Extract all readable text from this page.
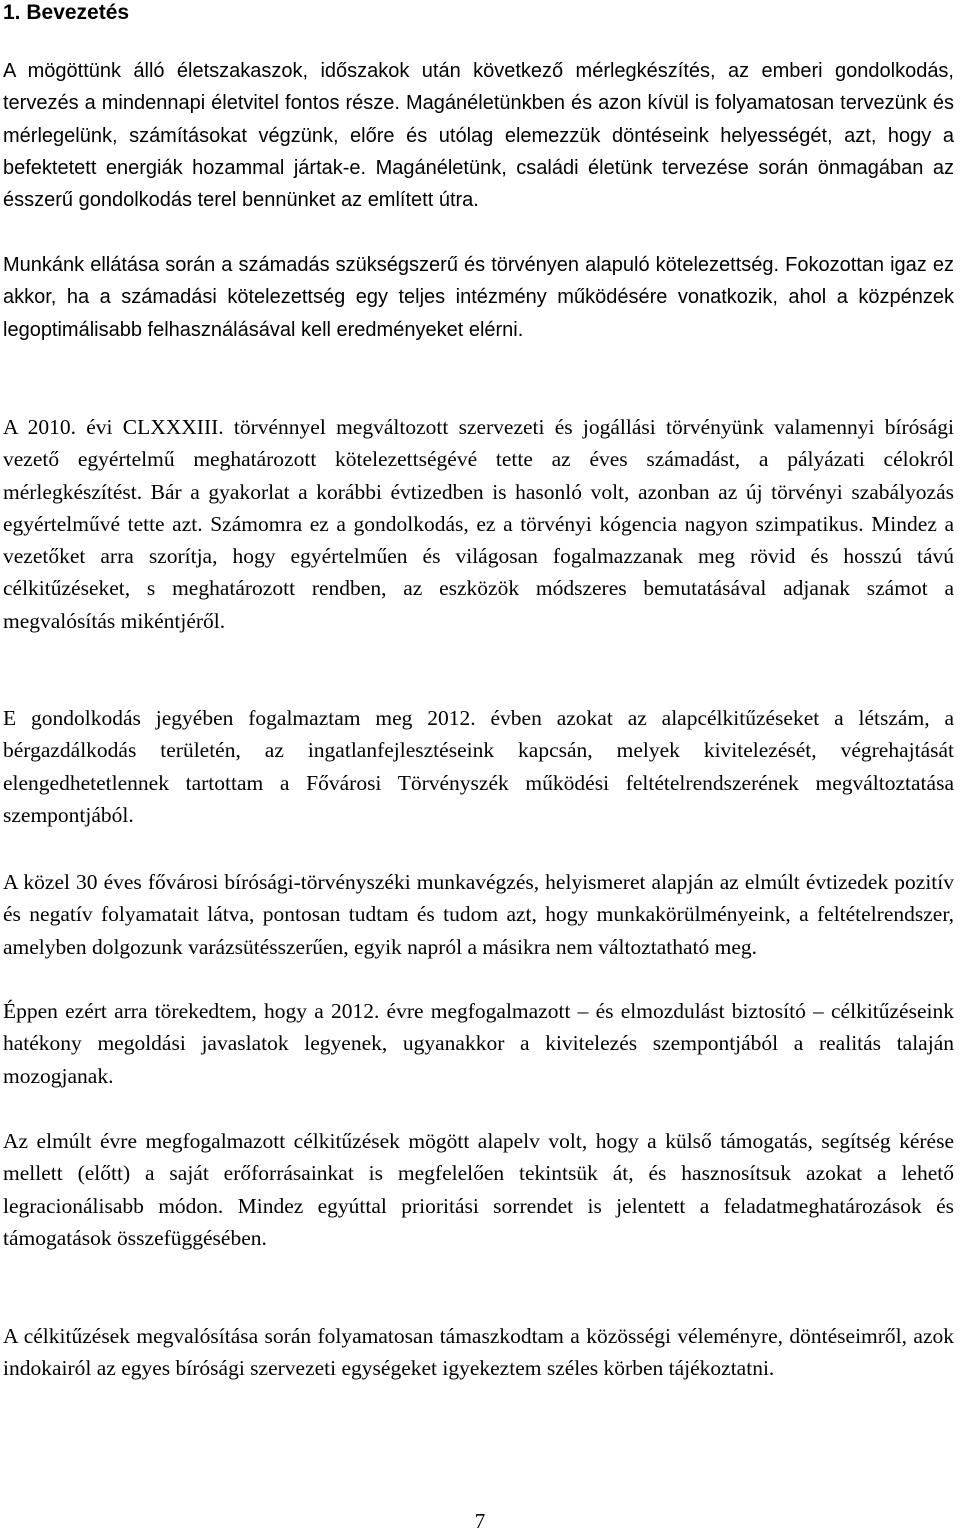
1. Bevezetés

A mögöttünk álló életszakaszok, időszakok után következő mérlegkészítés, az emberi gondolkodás, tervezés a mindennapi életvitel fontos része. Magánéletünkben és azon kívül is folyamatosan tervezünk és mérlegelünk, számításokat végzünk, előre és utólag elemezzük döntéseink helyességét, azt, hogy a befektetett energiák hozammal jártak-e. Magánéletünk, családi életünk tervezése során önmagában az ésszerű gondolkodás terel bennünket az említett útra.

Munkánk ellátása során a számadás szükségszerű és törvényen alapuló kötelezettség. Fokozottan igaz ez akkor, ha a számadási kötelezettség egy teljes intézmény működésére vonatkozik, ahol a közpénzek legoptimálisabb felhasználásával kell eredményeket elérni.

A 2010. évi CLXXXIII. törvénnyel megváltozott szervezeti és jogállási törvényünk valamennyi bírósági vezető egyértelmű meghatározott kötelezettségévé tette az éves számadást, a pályázati célokról mérlegkészítést. Bár a gyakorlat a korábbi évtizedben is hasonló volt, azonban az új törvényi szabályozás egyértelművé tette azt. Számomra ez a gondolkodás, ez a törvényi kógencia nagyon szimpatikus. Mindez a vezetőket arra szorítja, hogy egyértelműen és világosan fogalmazzanak meg rövid és hosszú távú célkitűzéseket, s meghatározott rendben, az eszközök módszeres bemutatásával adjanak számot a megvalósítás mikéntjéről.

E gondolkodás jegyében fogalmaztam meg 2012. évben azokat az alapcélkitűzéseket a létszám, a bérgazdálkodás területén, az ingatlanfejlesztéseink kapcsán, melyek kivitelezését, végrehajtását elengedhetetlennek tartottam a Fővárosi Törvényszék működési feltételrendszerének megváltoztatása szempontjából.

A közel 30 éves fővárosi bírósági-törvényszéki munkavégzés, helyismeret alapján az elmúlt évtizedek pozitív és negatív folyamatait látva, pontosan tudtam és tudom azt, hogy munkakörülményeink, a feltételrendszer, amelyben dolgozunk varázsütésszerűen, egyik napról a másikra nem változtatható meg.

Éppen ezért arra törekedtem, hogy a 2012. évre megfogalmazott – és elmozdulást biztosító – célkitűzéseink hatékony megoldási javaslatok legyenek, ugyanakkor a kivitelezés szempontjából a realitás talaján mozogjanak.

Az elmúlt évre megfogalmazott célkitűzések mögött alapelv volt, hogy a külső támogatás, segítség kérése mellett (előtt) a saját erőforrásainkat is megfelelően tekintsük át, és hasznosítsuk azokat a lehető legracionálisabb módon. Mindez egyúttal prioritási sorrendet is jelentett a feladatmeghatározások és támogatások összefüggésében.

A célkitűzések megvalósítása során folyamatosan támaszkodtam a közösségi véleményre, döntéseimről, azok indokairól az egyes bírósági szervezeti egységeket igyekeztem széles körben tájékoztatni.

7
